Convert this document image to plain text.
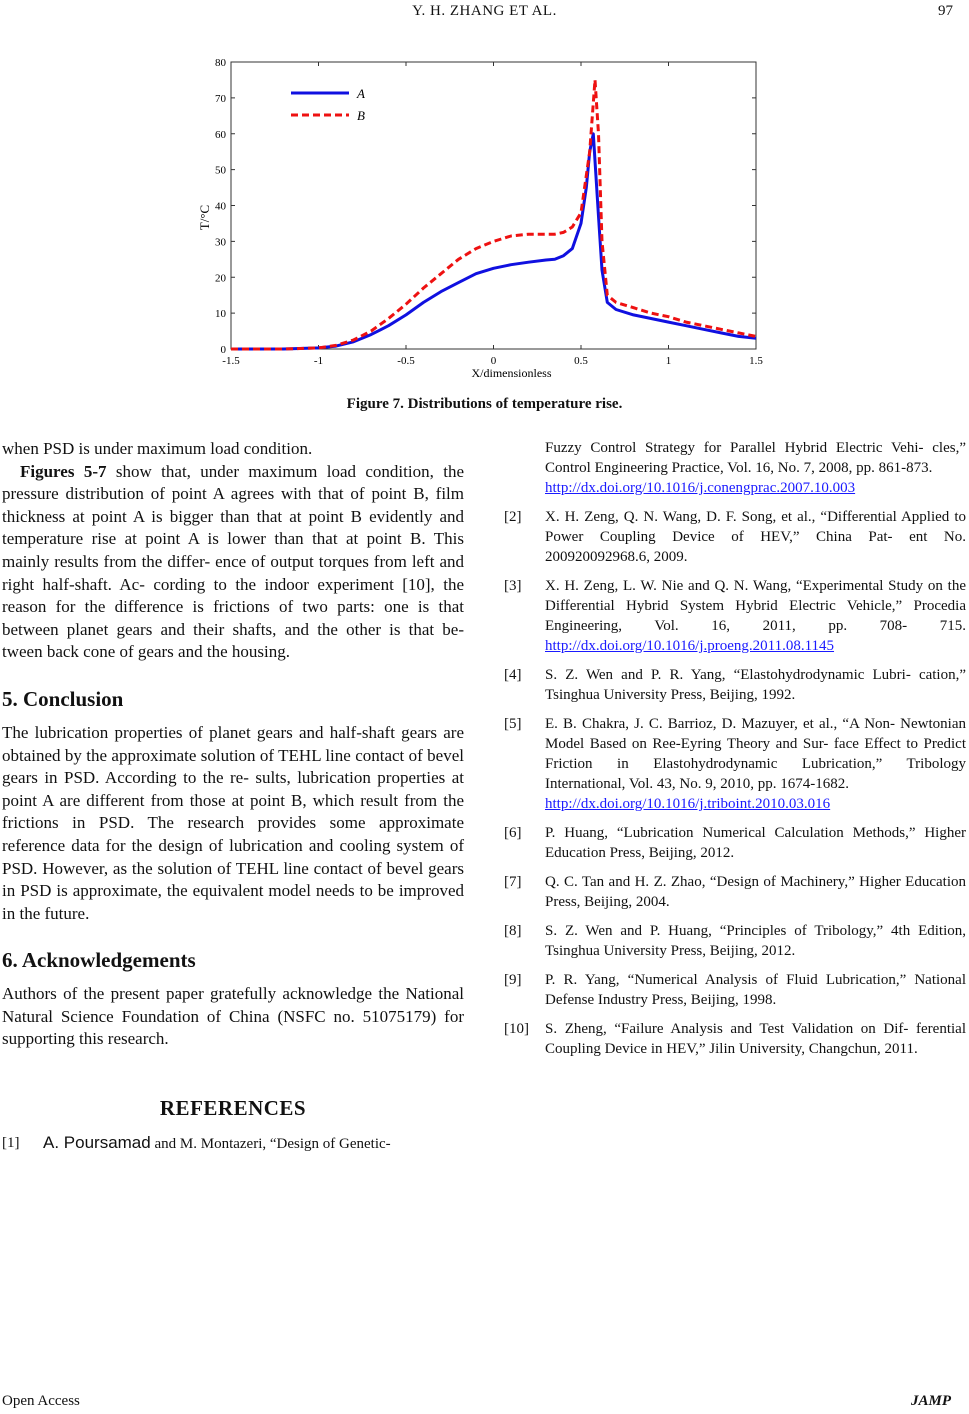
Y. H. ZHANG ET AL.	97
-1.5	-1	-0.5	0	0.5	1	1.5
0
10
20
30
40
50
60
70
80
A
B
T/°C
X/dimensionless
Figure 7. Distributions of temperature rise.

when PSD is under maximum load condition.

Figures 5-7 show that, under maximum load condition, the pressure distribution of point A agrees with that of point B, film thickness at point A is bigger than that at point B evidently and temperature rise at point A is lower than that at point B. This mainly results from the differ- ence of output torques from left and right half-shaft. Ac- cording to the indoor experiment [10], the reason for the difference is frictions of two parts: one is that between planet gears and their shafts, and the other is that be- tween back cone of gears and the housing.

5. Conclusion

The lubrication properties of planet gears and half-shaft gears are obtained by the approximate solution of TEHL line contact of bevel gears in PSD. According to the re- sults, lubrication properties at point A are different from those at point B, which result from the frictions in PSD. The research provides some approximate reference data for the design of lubrication and cooling system of PSD. However, as the solution of TEHL line contact of bevel gears in PSD is approximate, the equivalent model needs to be improved in the future.

6. Acknowledgements

Authors of the present paper gratefully acknowledge the National Natural Science Foundation of China (NSFC no. 51075179) for supporting this research.

REFERENCES
[1] A. Poursamad and M. Montazeri, “Design of Genetic-
Fuzzy Control Strategy for Parallel Hybrid Electric Vehi- cles,” Control Engineering Practice, Vol. 16, No. 7, 2008, pp. 861-873.
http://dx.doi.org/10.1016/j.conengprac.2007.10.003
[2] X. H. Zeng, Q. N. Wang, D. F. Song, et al., “Differential Applied to Power Coupling Device of HEV,” China Pat- ent No. 200920092968.6, 2009.
[3] X. H. Zeng, L. W. Nie and Q. N. Wang, “Experimental Study on the Differential Hybrid System Hybrid Electric Vehicle,” Procedia Engineering, Vol. 16, 2011, pp. 708- 715. http://dx.doi.org/10.1016/j.proeng.2011.08.1145
[4] S. Z. Wen and P. R. Yang, “Elastohydrodynamic Lubri- cation,” Tsinghua University Press, Beijing, 1992.
[5] E. B. Chakra, J. C. Barrioz, D. Mazuyer, et al., “A Non- Newtonian Model Based on Ree-Eyring Theory and Sur- face Effect to Predict Friction in Elastohydrodynamic Lubrication,” Tribology International, Vol. 43, No. 9, 2010, pp. 1674-1682.
http://dx.doi.org/10.1016/j.triboint.2010.03.016
[6] P. Huang, “Lubrication Numerical Calculation Methods,” Higher Education Press, Beijing, 2012.
[7] Q. C. Tan and H. Z. Zhao, “Design of Machinery,” Higher Education Press, Beijing, 2004.
[8] S. Z. Wen and P. Huang, “Principles of Tribology,” 4th Edition, Tsinghua University Press, Beijing, 2012.
[9] P. R. Yang, “Numerical Analysis of Fluid Lubrication,” National Defense Industry Press, Beijing, 1998.
[10] S. Zheng, “Failure Analysis and Test Validation on Dif- ferential Coupling Device in HEV,” Jilin University, Changchun, 2011.
Open Access	JAMP
